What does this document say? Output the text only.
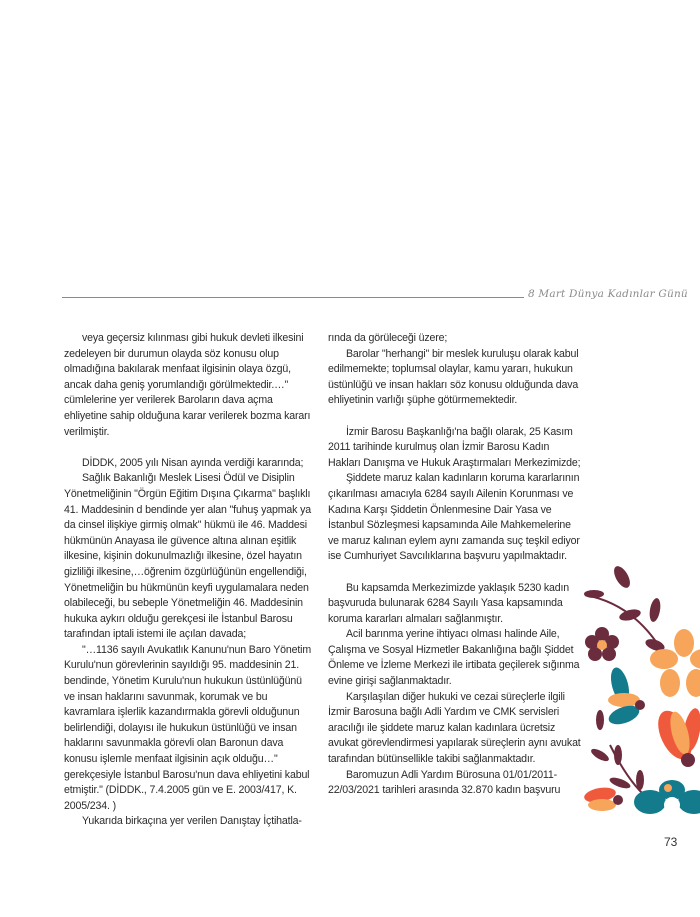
8 Mart Dünya Kadınlar Günü

veya geçersiz kılınması gibi hukuk devleti ilkesini zedeleyen bir durumun olayda söz konusu olup olmadığına bakılarak menfaat ilgisinin olaya özgü, ancak daha geniş yorumlandığı görülmektedir.…" cümlelerine yer verilerek Baroların dava açma ehliyetine sahip olduğuna karar verilerek bozma kararı verilmiştir.

DİDDK, 2005 yılı Nisan ayında verdiği kararında;

Sağlık Bakanlığı Meslek Lisesi Ödül ve Disiplin Yönetmeliğinin "Örgün Eğitim Dışına Çıkarma" başlıklı 41. Maddesinin d bendinde yer alan "fuhuş yapmak ya da cinsel ilişkiye girmiş olmak" hükmü ile 46. Maddesi hükmünün Anayasa ile güvence altına alınan eşitlik ilkesine, kişinin dokunulmazlığı ilkesine, özel hayatın gizliliği ilkesine,…öğrenim özgürlüğünün engellendiği, Yönetmeliğin bu hükmünün keyfi uygulamalara neden olabileceği, bu sebeple Yönetmeliğin 46. Maddesinin hukuka aykırı olduğu gerekçesi ile İstanbul Barosu tarafından iptali istemi ile açılan davada;

"…1136 sayılı Avukatlık Kanunu'nun Baro Yönetim Kurulu'nun görevlerinin sayıldığı 95. maddesinin 21. bendinde, Yönetim Kurulu'nun hukukun üstünlüğünü ve insan haklarını savunmak, korumak ve bu kavramlara işlerlik kazandırmakla görevli olduğunun belirlendiği, dolayısı ile hukukun üstünlüğü ve insan haklarını savunmakla görevli olan Baronun dava konusu işlemle menfaat ilgisinin açık olduğu…" gerekçesiyle İstanbul Barosu'nun dava ehliyetini kabul etmiştir." (DİDDK., 7.4.2005 gün ve E. 2003/417, K. 2005/234. )

Yukarıda birkaçına yer verilen Danıştay İçtihatla-

rında da görüleceği üzere;

Barolar "herhangi" bir meslek kuruluşu olarak kabul edilmemekte; toplumsal olaylar, kamu yararı, hukukun üstünlüğü ve insan hakları söz konusu olduğunda dava ehliyetinin varlığı şüphe götürmemektedir.

İzmir Barosu Başkanlığı'na bağlı olarak, 25 Kasım 2011 tarihinde kurulmuş olan İzmir Barosu Kadın Hakları Danışma ve Hukuk Araştırmaları Merkezimizde;

Şiddete maruz kalan kadınların koruma kararlarının çıkarılması amacıyla 6284 sayılı Ailenin Korunması ve Kadına Karşı Şiddetin Önlenmesine Dair Yasa ve İstanbul Sözleşmesi kapsamında Aile Mahkemelerine ve maruz kalınan eylem aynı zamanda suç teşkil ediyor ise Cumhuriyet Savcılıklarına başvuru yapılmaktadır.

Bu kapsamda Merkezimizde yaklaşık 5230 kadın başvuruda bulunarak 6284 Sayılı Yasa kapsamında koruma kararları almaları sağlanmıştır.

Acil barınma yerine ihtiyacı olması halinde Aile, Çalışma ve Sosyal Hizmetler Bakanlığına bağlı Şiddet Önleme ve İzleme Merkezi ile irtibata geçilerek sığınma evine girişi sağlanmaktadır.

Karşılaşılan diğer hukuki ve cezai süreçlerle ilgili İzmir Barosuna bağlı Adli Yardım ve CMK servisleri aracılığı ile şiddete maruz kalan kadınlara ücretsiz avukat görevlendirmesi yapılarak süreçlerin aynı avukat tarafından bütünsellikle takibi sağlanmaktadır.

Baromuzun Adli Yardım Bürosuna 01/01/2011-22/03/2021 tarihleri arasında 32.870 kadın başvuru

73
